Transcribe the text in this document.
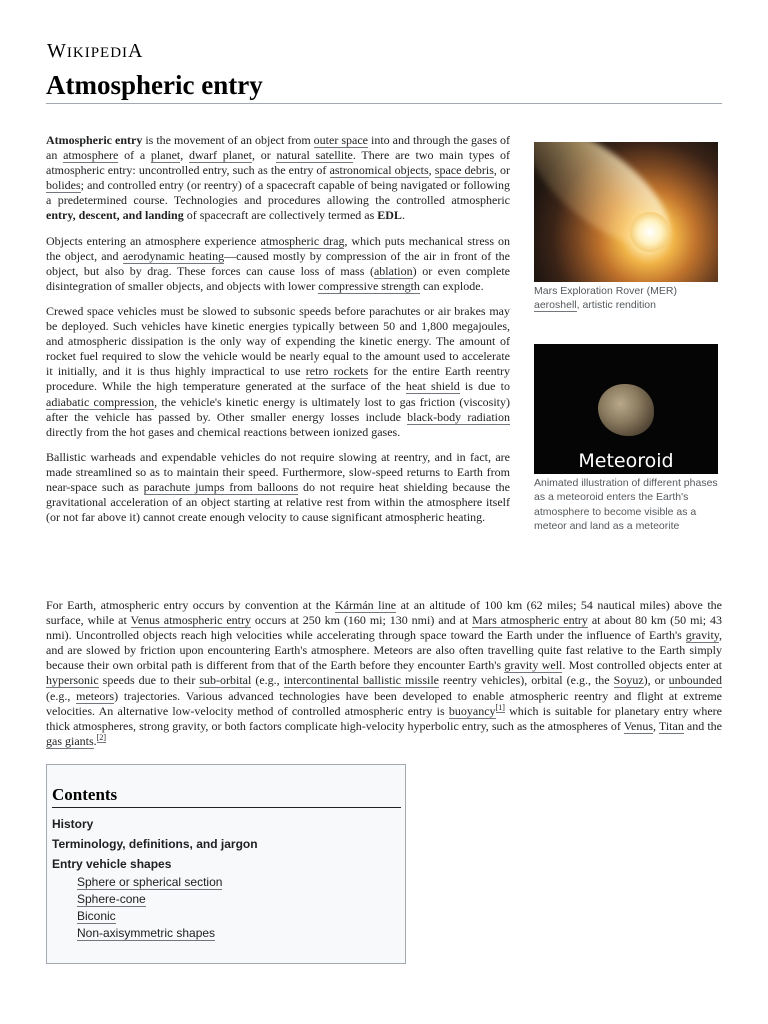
WIKIPEDIA
Atmospheric entry

Atmospheric entry is the movement of an object from outer space into and through the gases of an atmosphere of a planet, dwarf planet, or natural satellite. There are two main types of atmospheric entry: uncontrolled entry, such as the entry of astronomical objects, space debris, or bolides; and controlled entry (or reentry) of a spacecraft capable of being navigated or following a predetermined course. Technologies and procedures allowing the controlled atmospheric entry, descent, and landing of spacecraft are collectively termed as EDL.

Objects entering an atmosphere experience atmospheric drag, which puts mechanical stress on the object, and aerodynamic heating—caused mostly by compression of the air in front of the object, but also by drag. These forces can cause loss of mass (ablation) or even complete disintegration of smaller objects, and objects with lower compressive strength can explode.

Crewed space vehicles must be slowed to subsonic speeds before parachutes or air brakes may be deployed. Such vehicles have kinetic energies typically between 50 and 1,800 megajoules, and atmospheric dissipation is the only way of expending the kinetic energy. The amount of rocket fuel required to slow the vehicle would be nearly equal to the amount used to accelerate it initially, and it is thus highly impractical to use retro rockets for the entire Earth reentry procedure. While the high temperature generated at the surface of the heat shield is due to adiabatic compression, the vehicle's kinetic energy is ultimately lost to gas friction (viscosity) after the vehicle has passed by. Other smaller energy losses include black-body radiation directly from the hot gases and chemical reactions between ionized gases.

Ballistic warheads and expendable vehicles do not require slowing at reentry, and in fact, are made streamlined so as to maintain their speed. Furthermore, slow-speed returns to Earth from near-space such as parachute jumps from balloons do not require heat shielding because the gravitational acceleration of an object starting at relative rest from within the atmosphere itself (or not far above it) cannot create enough velocity to cause significant atmospheric heating.

For Earth, atmospheric entry occurs by convention at the Kármán line at an altitude of 100 km (62 miles; 54 nautical miles) above the surface, while at Venus atmospheric entry occurs at 250 km (160 mi; 130 nmi) and at Mars atmospheric entry at about 80 km (50 mi; 43 nmi). Uncontrolled objects reach high velocities while accelerating through space toward the Earth under the influence of Earth's gravity, and are slowed by friction upon encountering Earth's atmosphere. Meteors are also often travelling quite fast relative to the Earth simply because their own orbital path is different from that of the Earth before they encounter Earth's gravity well. Most controlled objects enter at hypersonic speeds due to their sub-orbital (e.g., intercontinental ballistic missile reentry vehicles), orbital (e.g., the Soyuz), or unbounded (e.g., meteors) trajectories. Various advanced technologies have been developed to enable atmospheric reentry and flight at extreme velocities. An alternative low-velocity method of controlled atmospheric entry is buoyancy[1] which is suitable for planetary entry where thick atmospheres, strong gravity, or both factors complicate high-velocity hyperbolic entry, such as the atmospheres of Venus, Titan and the gas giants.[2]

Mars Exploration Rover (MER) aeroshell, artistic rendition
Meteoroid
Animated illustration of different phases as a meteoroid enters the Earth's atmosphere to become visible as a meteor and land as a meteorite
Contents
History
Terminology, definitions, and jargon
Entry vehicle shapes
Sphere or spherical section
Sphere-cone
Biconic
Non-axisymmetric shapes
